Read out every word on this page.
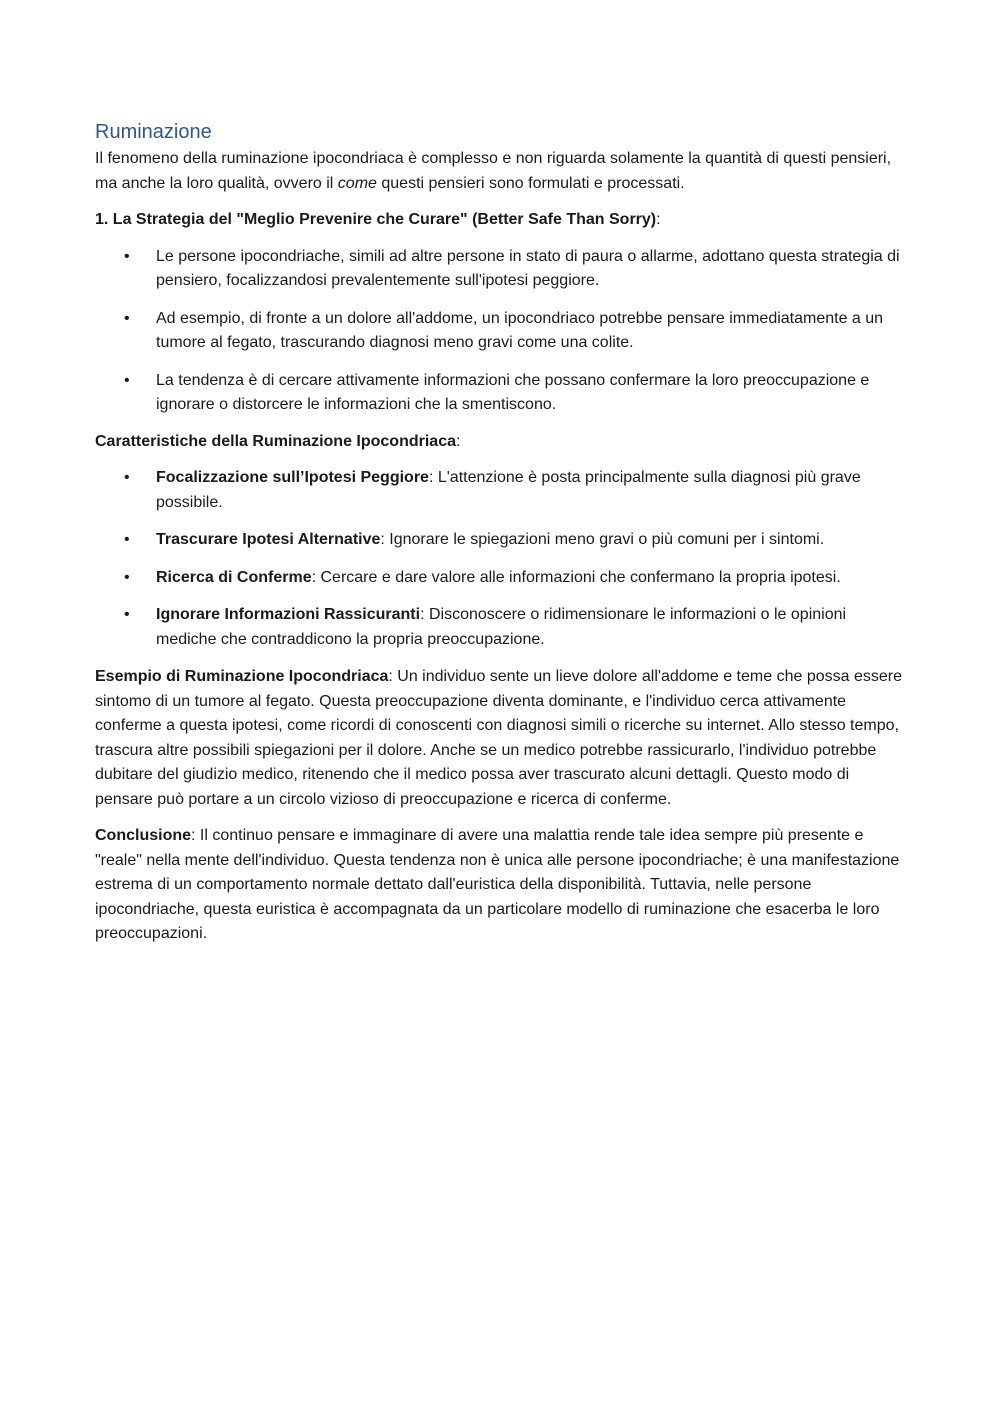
Ruminazione

Il fenomeno della ruminazione ipocondriaca è complesso e non riguarda solamente la quantità di questi pensieri, ma anche la loro qualità, ovvero il come questi pensieri sono formulati e processati.

1. La Strategia del "Meglio Prevenire che Curare" (Better Safe Than Sorry):

• Le persone ipocondriache, simili ad altre persone in stato di paura o allarme, adottano questa strategia di pensiero, focalizzandosi prevalentemente sull'ipotesi peggiore.
• Ad esempio, di fronte a un dolore all'addome, un ipocondriaco potrebbe pensare immediatamente a un tumore al fegato, trascurando diagnosi meno gravi come una colite.
• La tendenza è di cercare attivamente informazioni che possano confermare la loro preoccupazione e ignorare o distorcere le informazioni che la smentiscono.

Caratteristiche della Ruminazione Ipocondriaca:

• Focalizzazione sull’Ipotesi Peggiore: L'attenzione è posta principalmente sulla diagnosi più grave possibile.
• Trascurare Ipotesi Alternative: Ignorare le spiegazioni meno gravi o più comuni per i sintomi.
• Ricerca di Conferme: Cercare e dare valore alle informazioni che confermano la propria ipotesi.
• Ignorare Informazioni Rassicuranti: Disconoscere o ridimensionare le informazioni o le opinioni mediche che contraddicono la propria preoccupazione.

Esempio di Ruminazione Ipocondriaca: Un individuo sente un lieve dolore all'addome e teme che possa essere sintomo di un tumore al fegato. Questa preoccupazione diventa dominante, e l'individuo cerca attivamente conferme a questa ipotesi, come ricordi di conoscenti con diagnosi simili o ricerche su internet. Allo stesso tempo, trascura altre possibili spiegazioni per il dolore. Anche se un medico potrebbe rassicurarlo, l'individuo potrebbe dubitare del giudizio medico, ritenendo che il medico possa aver trascurato alcuni dettagli. Questo modo di pensare può portare a un circolo vizioso di preoccupazione e ricerca di conferme.

Conclusione: Il continuo pensare e immaginare di avere una malattia rende tale idea sempre più presente e "reale" nella mente dell'individuo. Questa tendenza non è unica alle persone ipocondriache; è una manifestazione estrema di un comportamento normale dettato dall'euristica della disponibilità. Tuttavia, nelle persone ipocondriache, questa euristica è accompagnata da un particolare modello di ruminazione che esacerba le loro preoccupazioni.
